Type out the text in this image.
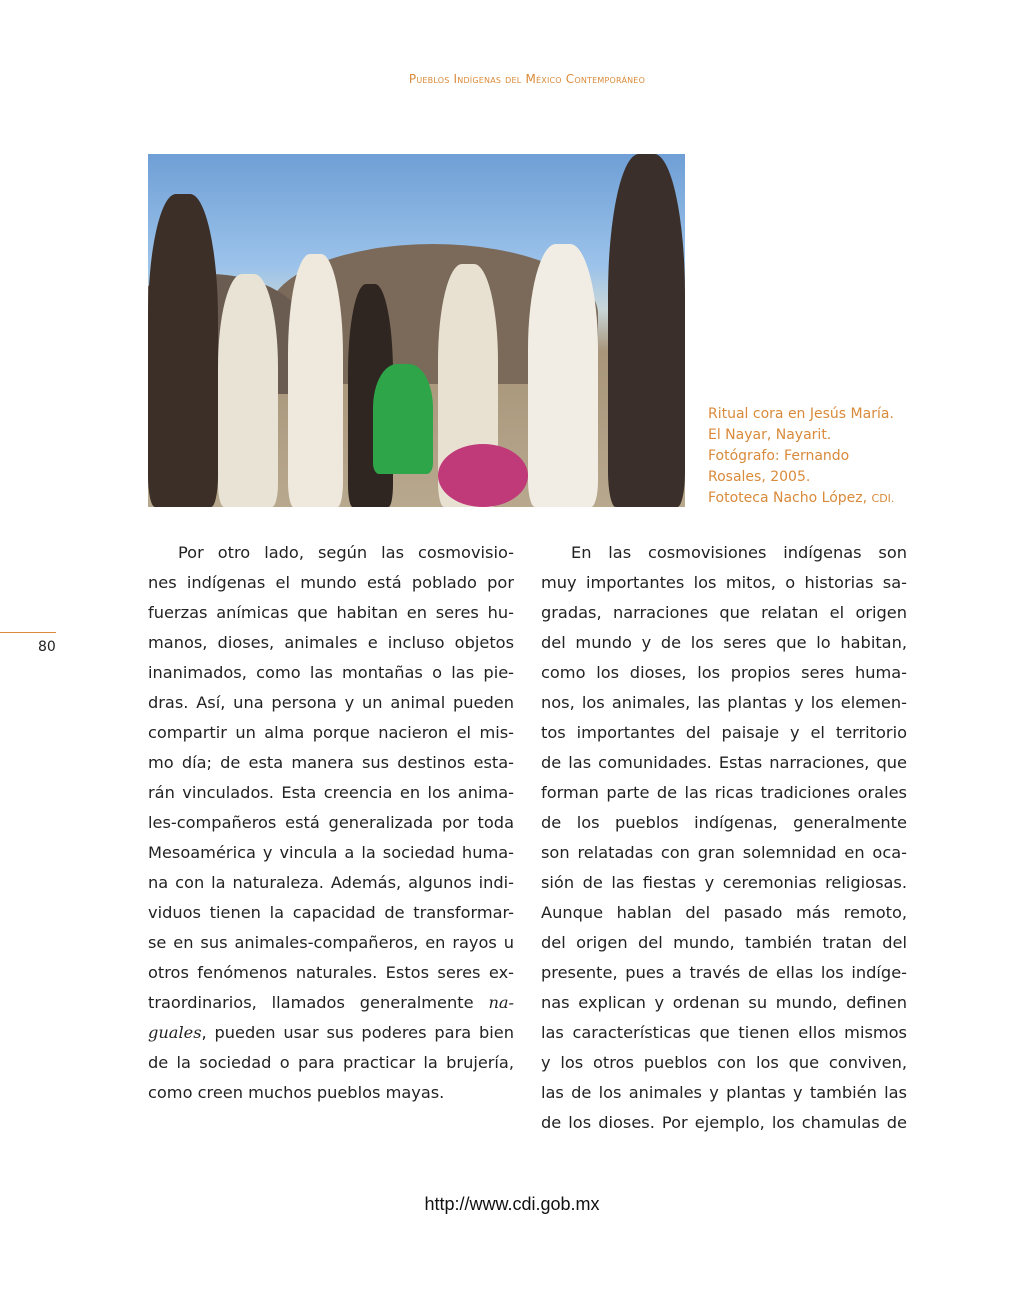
Pueblos Indígenas del México Contemporáneo
Ritual cora en Jesús María.
El Nayar, Nayarit.
Fotógrafo: Fernando
Rosales, 2005.
Fototeca Nacho López, CDI.
80
Por otro lado, según las cosmovisio-
nes indígenas el mundo está poblado por
fuerzas anímicas que habitan en seres hu-
manos, dioses, animales e incluso objetos
inanimados, como las montañas o las pie-
dras. Así, una persona y un animal pueden
compartir un alma porque nacieron el mis-
mo día; de esta manera sus destinos esta-
rán vinculados. Esta creencia en los anima-
les-compañeros está generalizada por toda
Mesoamérica y vincula a la sociedad huma-
na con la naturaleza. Además, algunos indi-
viduos tienen la capacidad de transformar-
se en sus animales-compañeros, en rayos u
otros fenómenos naturales. Estos seres ex-
traordinarios, llamados generalmente na-
guales, pueden usar sus poderes para bien
de la sociedad o para practicar la brujería,
como creen muchos pueblos mayas.
En las cosmovisiones indígenas son
muy importantes los mitos, o historias sa-
gradas, narraciones que relatan el origen
del mundo y de los seres que lo habitan,
como los dioses, los propios seres huma-
nos, los animales, las plantas y los elemen-
tos importantes del paisaje y el territorio
de las comunidades. Estas narraciones, que
forman parte de las ricas tradiciones orales
de los pueblos indígenas, generalmente
son relatadas con gran solemnidad en oca-
sión de las fiestas y ceremonias religiosas.
Aunque hablan del pasado más remoto,
del origen del mundo, también tratan del
presente, pues a través de ellas los indíge-
nas explican y ordenan su mundo, definen
las características que tienen ellos mismos
y los otros pueblos con los que conviven,
las de los animales y plantas y también las
de los dioses. Por ejemplo, los chamulas de
http://www.cdi.gob.mx
